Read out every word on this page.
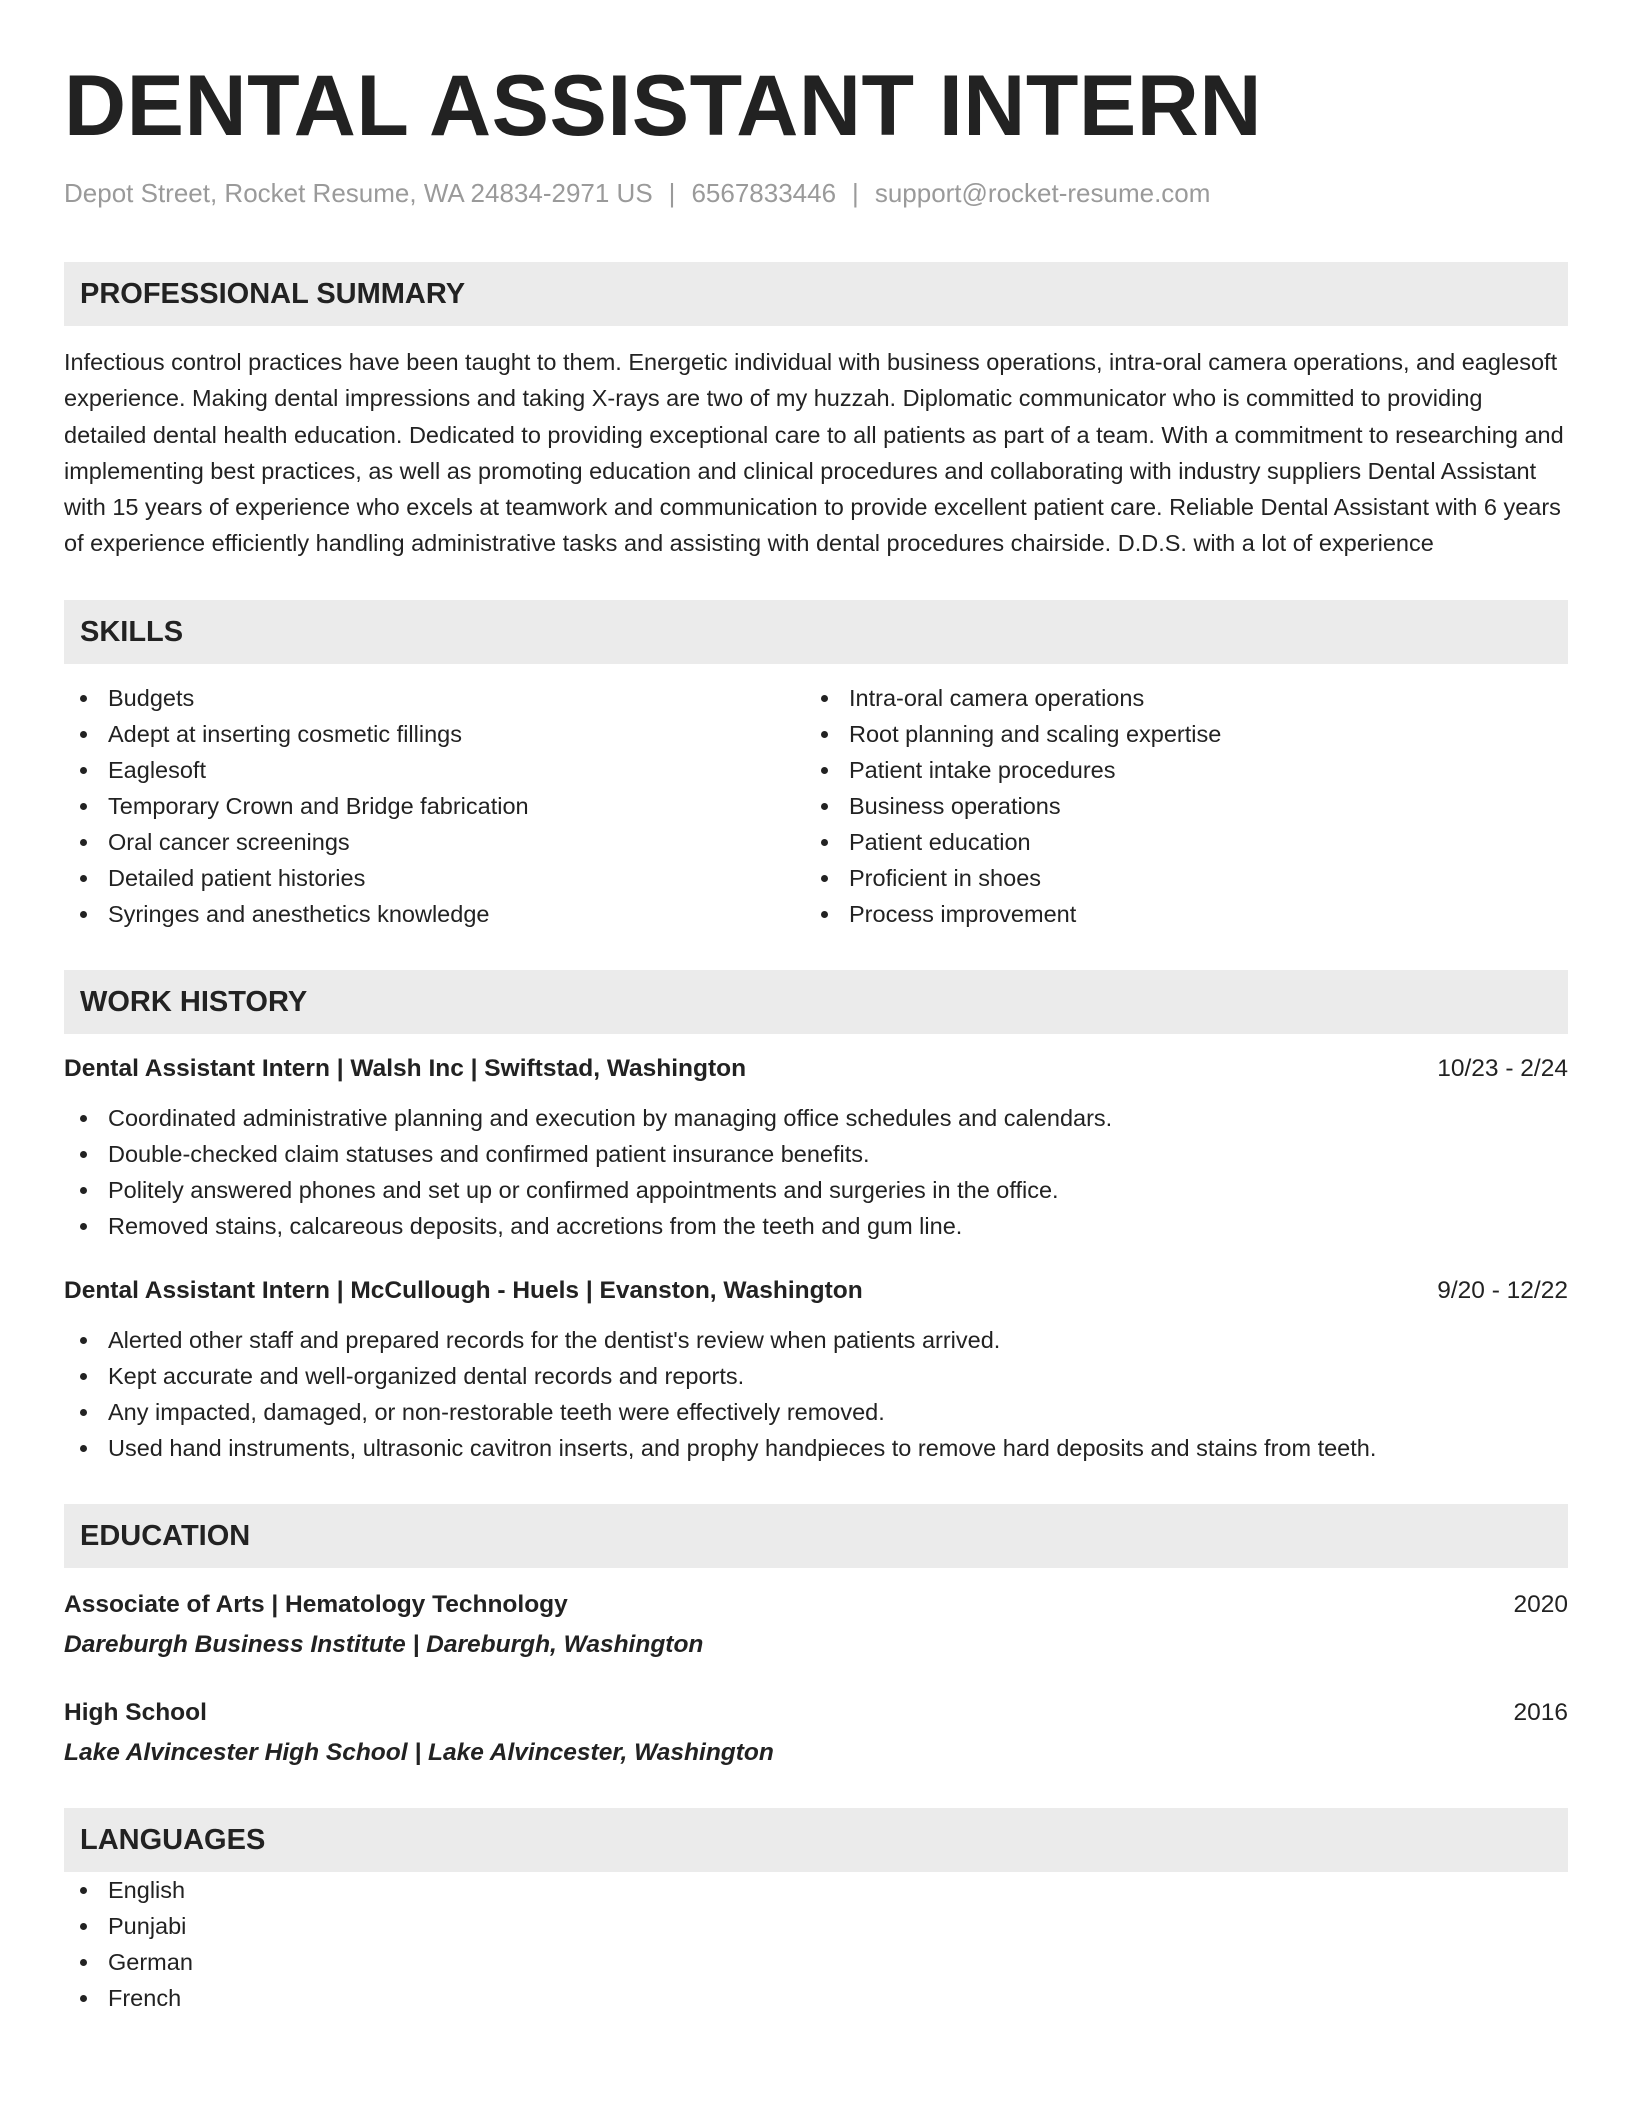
DENTAL ASSISTANT INTERN
Depot Street, Rocket Resume, WA 24834-2971 US | 6567833446 | support@rocket-resume.com
PROFESSIONAL SUMMARY
Infectious control practices have been taught to them. Energetic individual with business operations, intra-oral camera operations, and eaglesoft experience. Making dental impressions and taking X-rays are two of my huzzah. Diplomatic communicator who is committed to providing detailed dental health education. Dedicated to providing exceptional care to all patients as part of a team. With a commitment to researching and implementing best practices, as well as promoting education and clinical procedures and collaborating with industry suppliers Dental Assistant with 15 years of experience who excels at teamwork and communication to provide excellent patient care. Reliable Dental Assistant with 6 years of experience efficiently handling administrative tasks and assisting with dental procedures chairside. D.D.S. with a lot of experience
SKILLS
Budgets
Adept at inserting cosmetic fillings
Eaglesoft
Temporary Crown and Bridge fabrication
Oral cancer screenings
Detailed patient histories
Syringes and anesthetics knowledge
Intra-oral camera operations
Root planning and scaling expertise
Patient intake procedures
Business operations
Patient education
Proficient in shoes
Process improvement
WORK HISTORY
Dental Assistant Intern | Walsh Inc | Swiftstad, Washington	10/23 - 2/24
Coordinated administrative planning and execution by managing office schedules and calendars.
Double-checked claim statuses and confirmed patient insurance benefits.
Politely answered phones and set up or confirmed appointments and surgeries in the office.
Removed stains, calcareous deposits, and accretions from the teeth and gum line.
Dental Assistant Intern | McCullough - Huels | Evanston, Washington	9/20 - 12/22
Alerted other staff and prepared records for the dentist's review when patients arrived.
Kept accurate and well-organized dental records and reports.
Any impacted, damaged, or non-restorable teeth were effectively removed.
Used hand instruments, ultrasonic cavitron inserts, and prophy handpieces to remove hard deposits and stains from teeth.
EDUCATION
Associate of Arts | Hematology Technology	2020
Dareburgh Business Institute | Dareburgh, Washington
High School	2016
Lake Alvincester High School | Lake Alvincester, Washington
LANGUAGES
English
Punjabi
German
French
